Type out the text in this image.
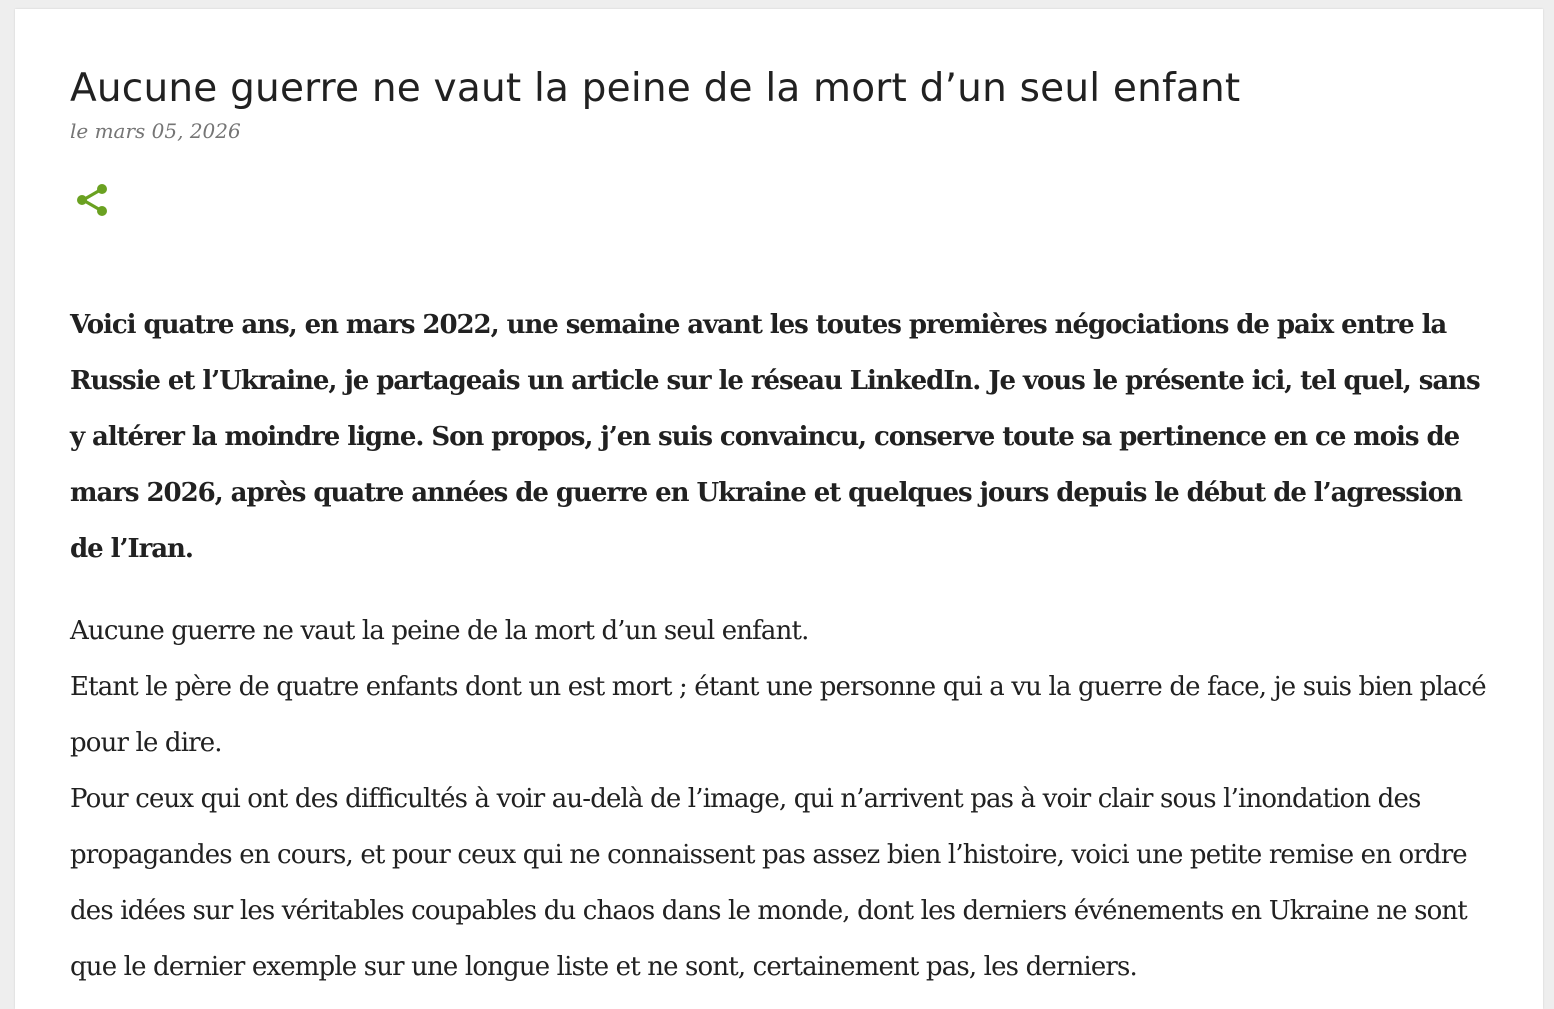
Aucune guerre ne vaut la peine de la mort d’un seul enfant
le mars 05, 2026

Voici quatre ans, en mars 2022, une semaine avant les toutes premières négociations de paix entre la Russie et l’Ukraine, je partageais un article sur le réseau LinkedIn. Je vous le présente ici, tel quel, sans y altérer la moindre ligne. Son propos, j’en suis convaincu, conserve toute sa pertinence en ce mois de mars 2026, après quatre années de guerre en Ukraine et quelques jours depuis le début de l’agression de l’Iran.

Aucune guerre ne vaut la peine de la mort d’un seul enfant.

Etant le père de quatre enfants dont un est mort ; étant une personne qui a vu la guerre de face, je suis bien placé pour le dire.

Pour ceux qui ont des difficultés à voir au-delà de l’image, qui n’arrivent pas à voir clair sous l’inondation des propagandes en cours, et pour ceux qui ne connaissent pas assez bien l’histoire, voici une petite remise en ordre des idées sur les véritables coupables du chaos dans le monde, dont les derniers événements en Ukraine ne sont que le dernier exemple sur une longue liste et ne sont, certainement pas, les derniers.
